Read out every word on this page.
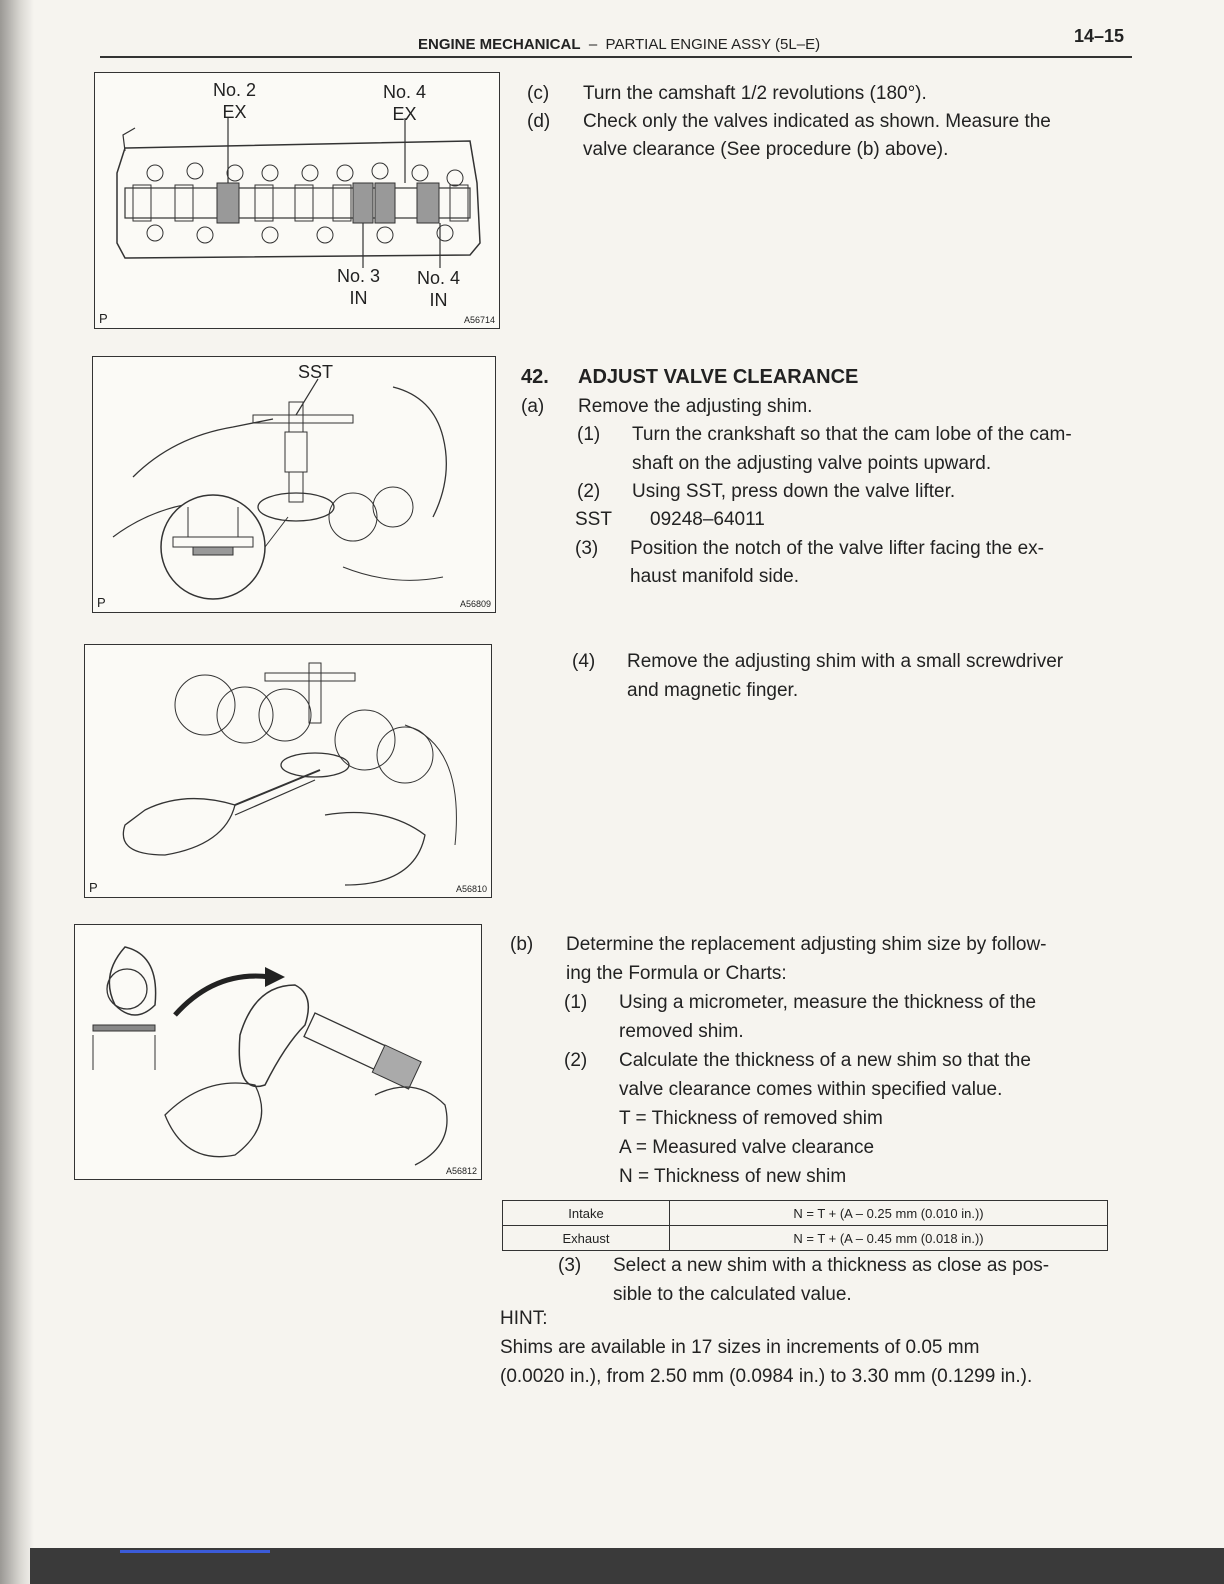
ENGINE MECHANICAL – PARTIAL ENGINE ASSY (5L–E)	14–15
No. 2
EX
No. 4
EX
No. 3
IN
No. 4
IN
P	A56714
SST
P	A56809
P	A56810
A56812
(c) Turn the camshaft 1/2 revolutions (180°).
(d) Check only the valves indicated as shown. Measure the
valve clearance (See procedure (b) above).
42. ADJUST VALVE CLEARANCE
(a) Remove the adjusting shim.
(1) Turn the crankshaft so that the cam lobe of the cam-
shaft on the adjusting valve points upward.
(2) Using SST, press down the valve lifter.
SST 09248–64011
(3) Position the notch of the valve lifter facing the ex-
haust manifold side.
(4) Remove the adjusting shim with a small screwdriver
and magnetic finger.
(b) Determine the replacement adjusting shim size by follow-
ing the Formula or Charts:
(1) Using a micrometer, measure the thickness of the
removed shim.
(2) Calculate the thickness of a new shim so that the
valve clearance comes within specified value.
T = Thickness of removed shim
A = Measured valve clearance
N = Thickness of new shim
Intake	N = T + (A – 0.25 mm (0.010 in.))
Exhaust	N = T + (A – 0.45 mm (0.018 in.))
(3) Select a new shim with a thickness as close as pos-
sible to the calculated value.
HINT:
Shims are available in 17 sizes in increments of 0.05 mm
(0.0020 in.), from 2.50 mm (0.0984 in.) to 3.30 mm (0.1299 in.).
